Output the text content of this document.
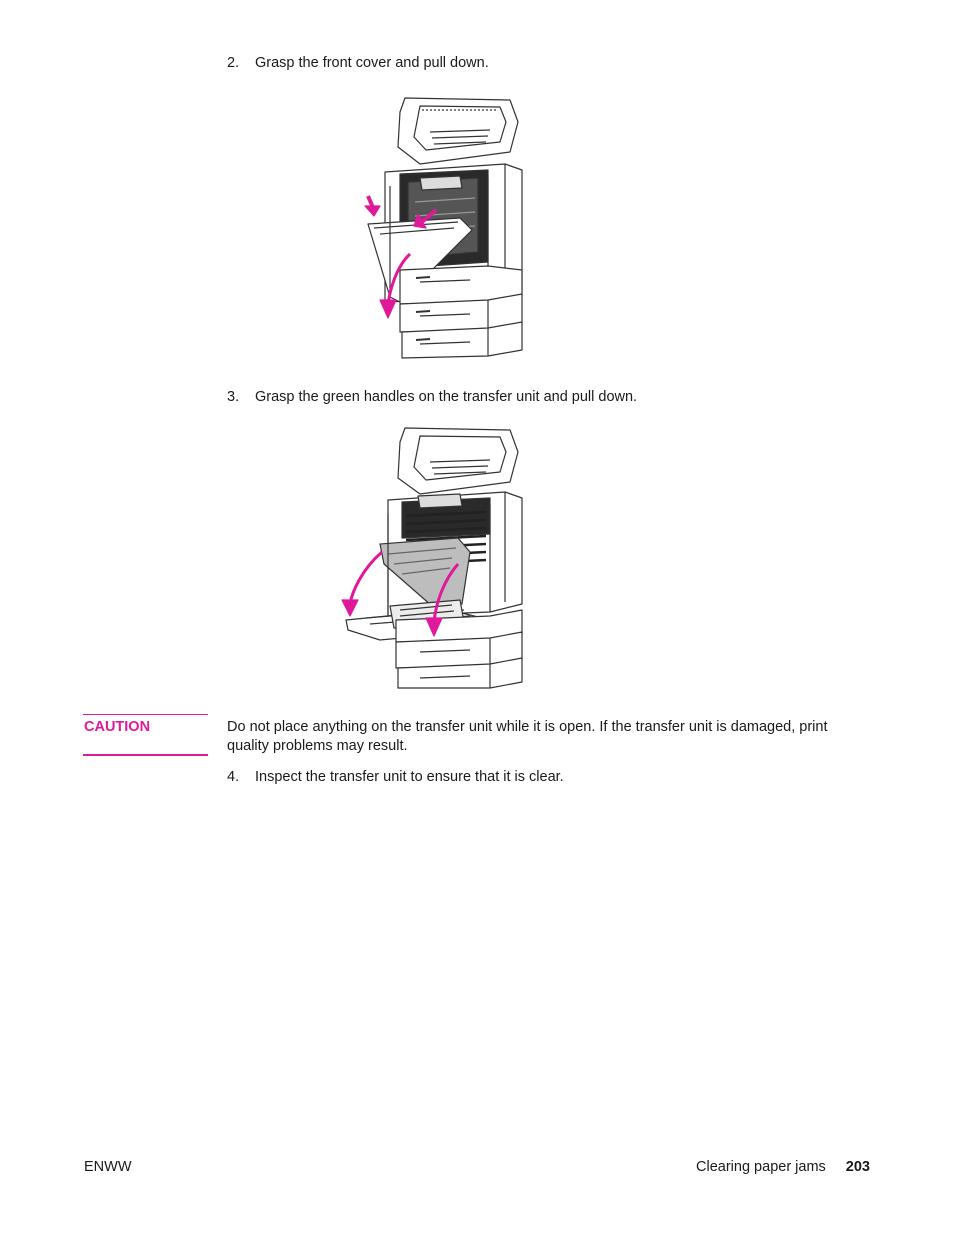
2. Grasp the front cover and pull down.
3. Grasp the green handles on the transfer unit and pull down.
CAUTION	Do not place anything on the transfer unit while it is open. If the transfer unit is damaged, print quality problems may result.
4. Inspect the transfer unit to ensure that it is clear.
ENWW	Clearing paper jams 203
